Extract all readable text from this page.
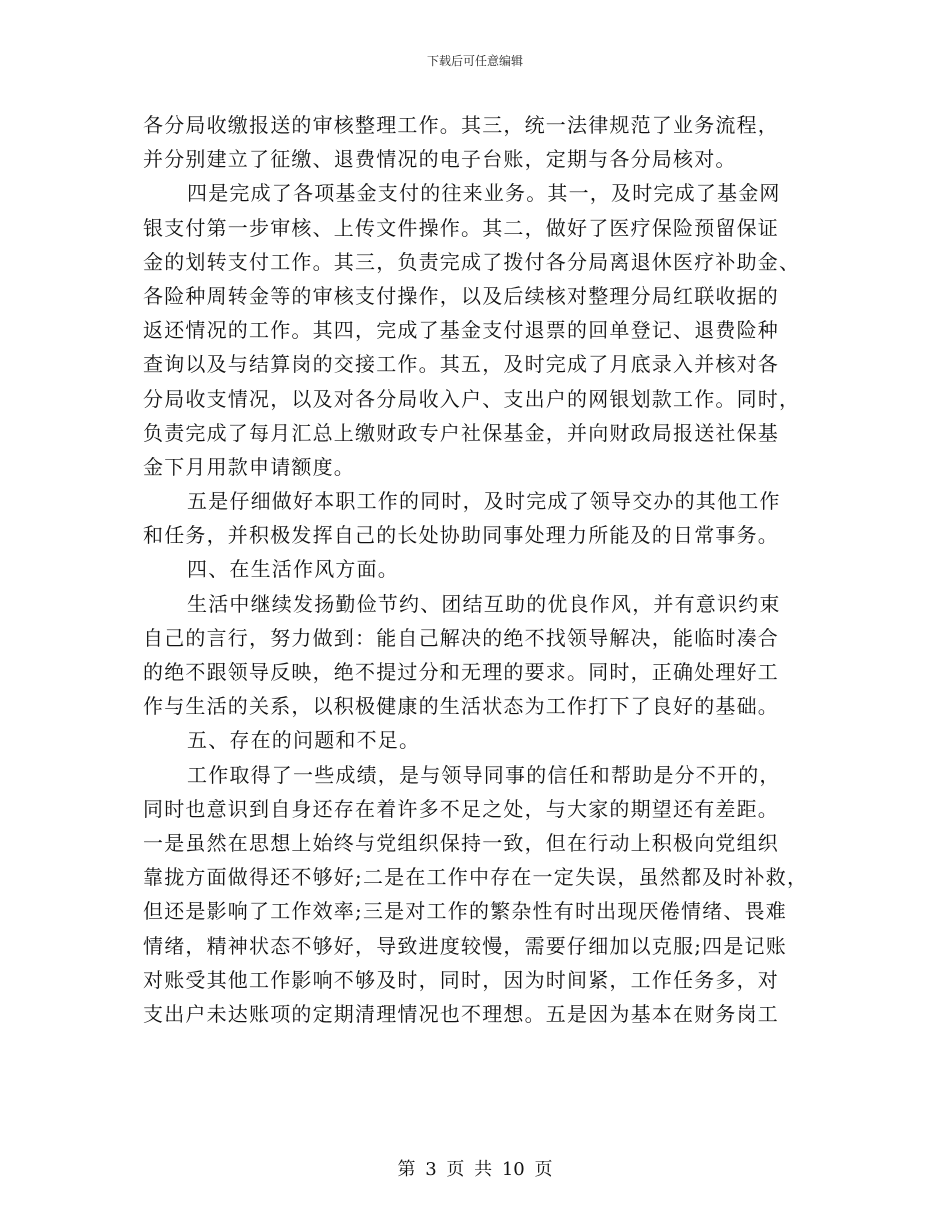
下载后可任意编辑
各分局收缴报送的审核整理工作。其三，统一法律规范了业务流程，
并分别建立了征缴、退费情况的电子台账，定期与各分局核对。
四是完成了各项基金支付的往来业务。其一，及时完成了基金网
银支付第一步审核、上传文件操作。其二，做好了医疗保险预留保证
金的划转支付工作。其三，负责完成了拨付各分局离退休医疗补助金、
各险种周转金等的审核支付操作，以及后续核对整理分局红联收据的
返还情况的工作。其四，完成了基金支付退票的回单登记、退费险种
查询以及与结算岗的交接工作。其五，及时完成了月底录入并核对各
分局收支情况，以及对各分局收入户、支出户的网银划款工作。同时，
负责完成了每月汇总上缴财政专户社保基金，并向财政局报送社保基
金下月用款申请额度。
五是仔细做好本职工作的同时，及时完成了领导交办的其他工作
和任务，并积极发挥自己的长处协助同事处理力所能及的日常事务。
四、在生活作风方面。
生活中继续发扬勤俭节约、团结互助的优良作风，并有意识约束
自己的言行，努力做到：能自己解决的绝不找领导解决，能临时凑合
的绝不跟领导反映，绝不提过分和无理的要求。同时，正确处理好工
作与生活的关系，以积极健康的生活状态为工作打下了良好的基础。
五、存在的问题和不足。
工作取得了一些成绩，是与领导同事的信任和帮助是分不开的，
同时也意识到自身还存在着许多不足之处，与大家的期望还有差距。
一是虽然在思想上始终与党组织保持一致，但在行动上积极向党组织
靠拢方面做得还不够好;二是在工作中存在一定失误，虽然都及时补救，
但还是影响了工作效率;三是对工作的繁杂性有时出现厌倦情绪、畏难
情绪，精神状态不够好，导致进度较慢，需要仔细加以克服;四是记账
对账受其他工作影响不够及时，同时，因为时间紧，工作任务多，对
支出户未达账项的定期清理情况也不理想。五是因为基本在财务岗工
第 3 页 共 10 页
